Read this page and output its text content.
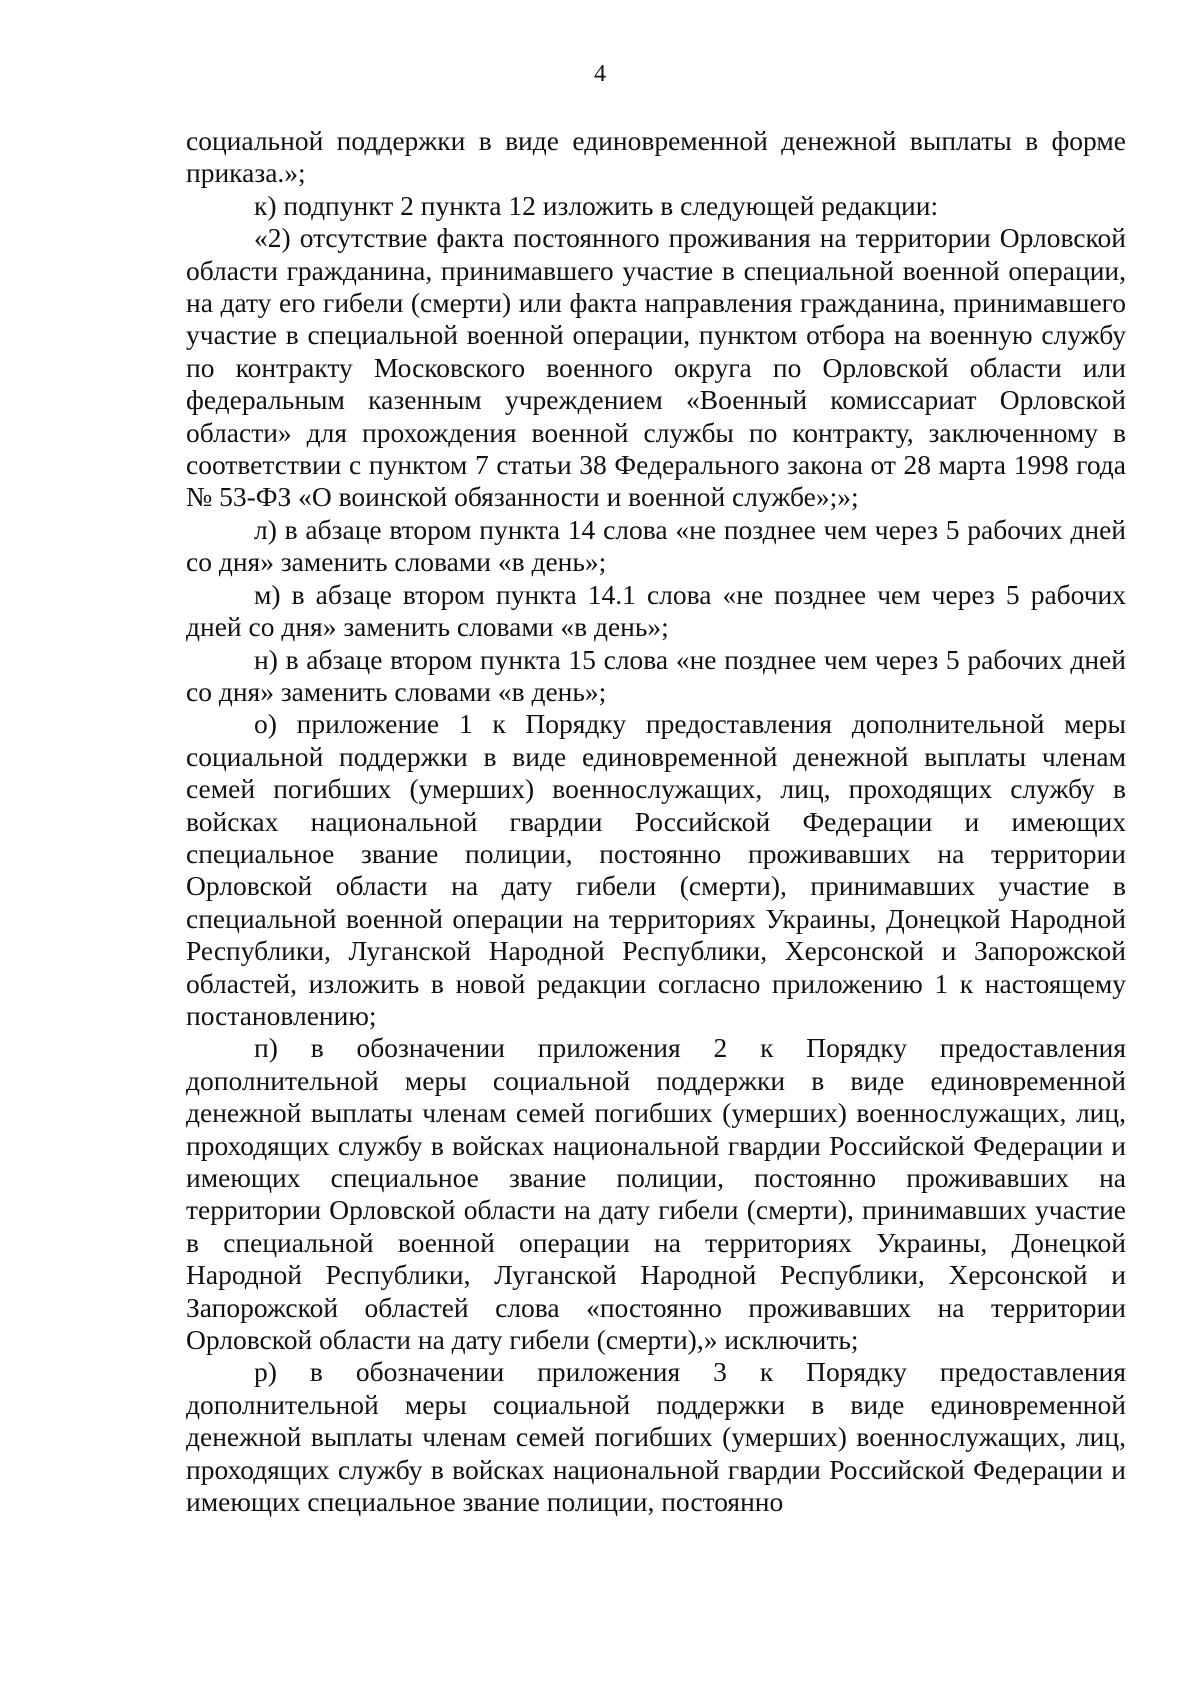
4

социальной поддержки в виде единовременной денежной выплаты в форме приказа.»;

к) подпункт 2 пункта 12 изложить в следующей редакции:

«2) отсутствие факта постоянного проживания на территории Орловской области гражданина, принимавшего участие в специальной военной операции, на дату его гибели (смерти) или факта направления гражданина, принимавшего участие в специальной военной операции, пунктом отбора на военную службу по контракту Московского военного округа по Орловской области или федеральным казенным учреждением «Военный комиссариат Орловской области» для прохождения военной службы по контракту, заключенному в соответствии с пунктом 7 статьи 38 Федерального закона от 28 марта 1998 года № 53-ФЗ «О воинской обязанности и военной службе»;»;

л) в абзаце втором пункта 14 слова «не позднее чем через 5 рабочих дней со дня» заменить словами «в день»;

м) в абзаце втором пункта 14.1 слова «не позднее чем через 5 рабочих дней со дня» заменить словами «в день»;

н) в абзаце втором пункта 15 слова «не позднее чем через 5 рабочих дней со дня» заменить словами «в день»;

о) приложение 1 к Порядку предоставления дополнительной меры социальной поддержки в виде единовременной денежной выплаты членам семей погибших (умерших) военнослужащих, лиц, проходящих службу в войсках национальной гвардии Российской Федерации и имеющих специальное звание полиции, постоянно проживавших на территории Орловской области на дату гибели (смерти), принимавших участие в специальной военной операции на территориях Украины, Донецкой Народной Республики, Луганской Народной Республики, Херсонской и Запорожской областей, изложить в новой редакции согласно приложению 1 к настоящему постановлению;

п) в обозначении приложения 2 к Порядку предоставления дополнительной меры социальной поддержки в виде единовременной денежной выплаты членам семей погибших (умерших) военнослужащих, лиц, проходящих службу в войсках национальной гвардии Российской Федерации и имеющих специальное звание полиции, постоянно проживавших на территории Орловской области на дату гибели (смерти), принимавших участие в специальной военной операции на территориях Украины, Донецкой Народной Республики, Луганской Народной Республики, Херсонской и Запорожской областей слова «постоянно проживавших на территории Орловской области на дату гибели (смерти),» исключить;

р) в обозначении приложения 3 к Порядку предоставления дополнительной меры социальной поддержки в виде единовременной денежной выплаты членам семей погибших (умерших) военнослужащих, лиц, проходящих службу в войсках национальной гвардии Российской Федерации и имеющих специальное звание полиции, постоянно
